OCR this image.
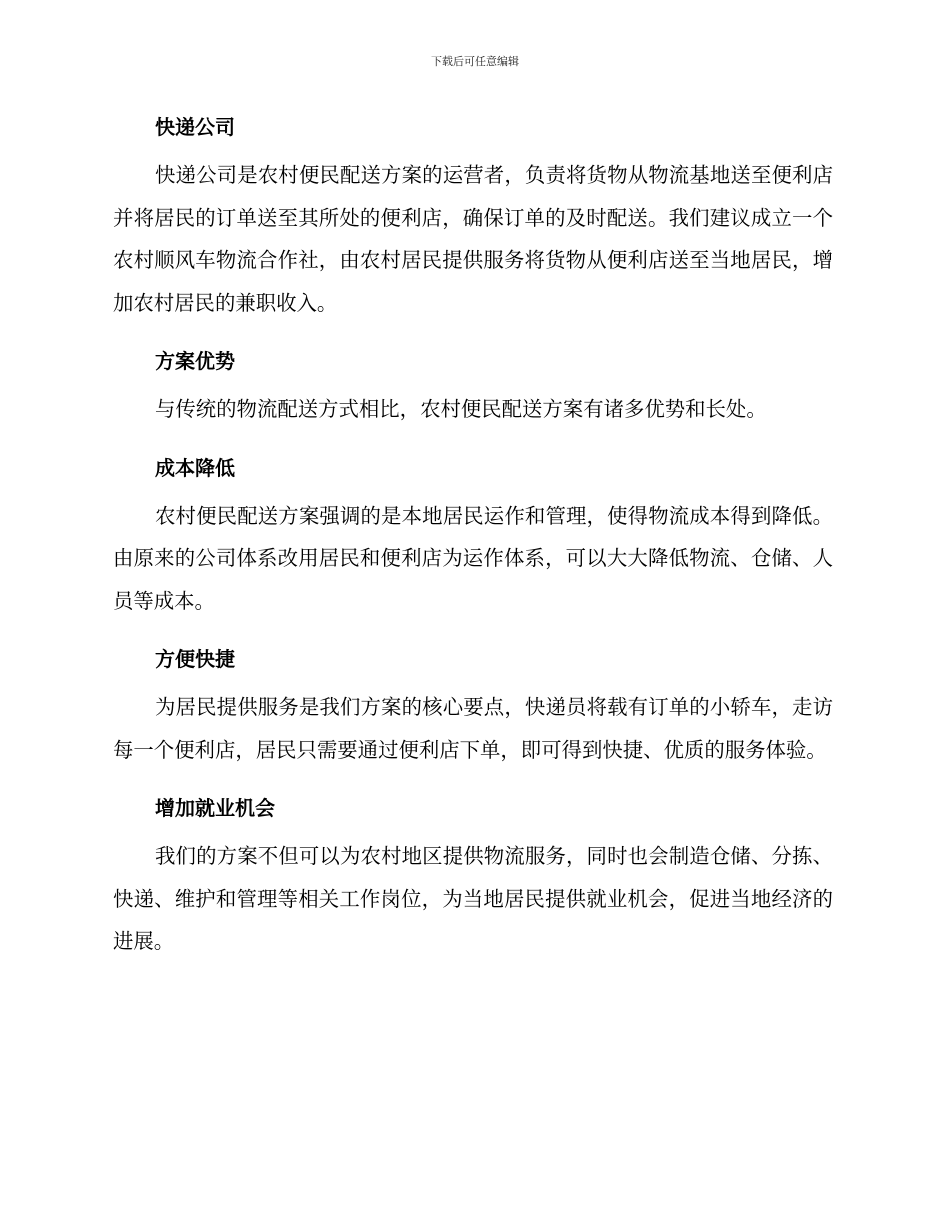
下载后可任意编辑
快递公司

快递公司是农村便民配送方案的运营者，负责将货物从物流基地送至便利店并将居民的订单送至其所处的便利店，确保订单的及时配送。我们建议成立一个农村顺风车物流合作社，由农村居民提供服务将货物从便利店送至当地居民，增加农村居民的兼职收入。

方案优势

与传统的物流配送方式相比，农村便民配送方案有诸多优势和长处。

成本降低

农村便民配送方案强调的是本地居民运作和管理，使得物流成本得到降低。由原来的公司体系改用居民和便利店为运作体系，可以大大降低物流、仓储、人员等成本。

方便快捷

为居民提供服务是我们方案的核心要点，快递员将载有订单的小轿车，走访每一个便利店，居民只需要通过便利店下单，即可得到快捷、优质的服务体验。

增加就业机会

我们的方案不但可以为农村地区提供物流服务，同时也会制造仓储、分拣、快递、维护和管理等相关工作岗位，为当地居民提供就业机会，促进当地经济的进展。
